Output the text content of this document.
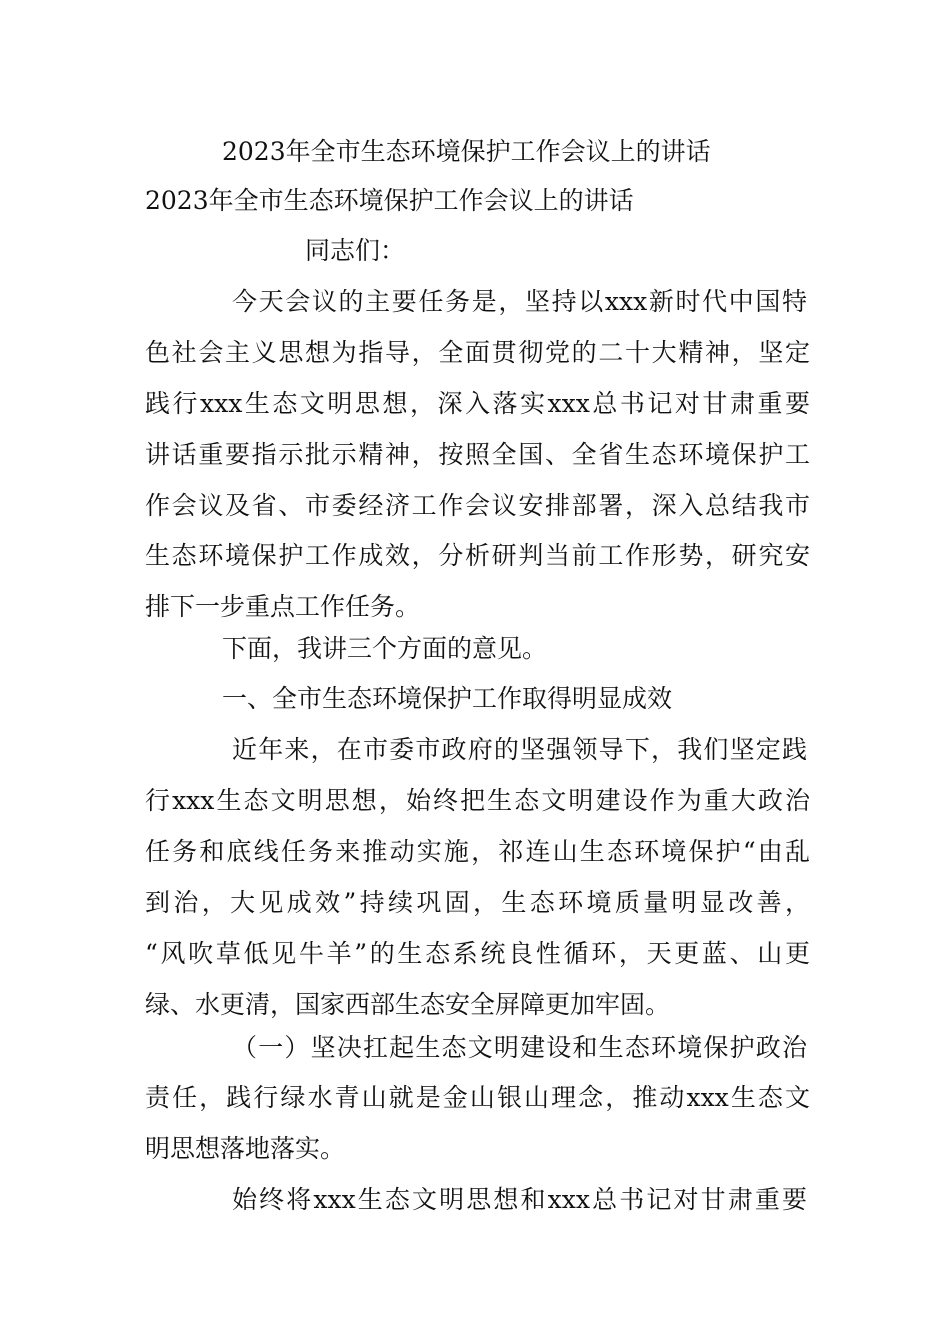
2023年全市生态环境保护工作会议上的讲话
2023年全市生态环境保护工作会议上的讲话
同志们：
今天会议的主要任务是，坚持以xxx新时代中国特
色社会主义思想为指导，全面贯彻党的二十大精神，坚定
践行xxx生态文明思想，深入落实xxx总书记对甘肃重要
讲话重要指示批示精神，按照全国、全省生态环境保护工
作会议及省、市委经济工作会议安排部署，深入总结我市
生态环境保护工作成效，分析研判当前工作形势，研究安
排下一步重点工作任务。
下面，我讲三个方面的意见。
一、全市生态环境保护工作取得明显成效
近年来，在市委市政府的坚强领导下，我们坚定践
行xxx生态文明思想，始终把生态文明建设作为重大政治
任务和底线任务来推动实施，祁连山生态环境保护“由乱
到治，大见成效”持续巩固，生态环境质量明显改善，
“风吹草低见牛羊”的生态系统良性循环，天更蓝、山更
绿、水更清，国家西部生态安全屏障更加牢固。
（一）坚决扛起生态文明建设和生态环境保护政治
责任，践行绿水青山就是金山银山理念，推动xxx生态文
明思想落地落实。
始终将xxx生态文明思想和xxx总书记对甘肃重要
